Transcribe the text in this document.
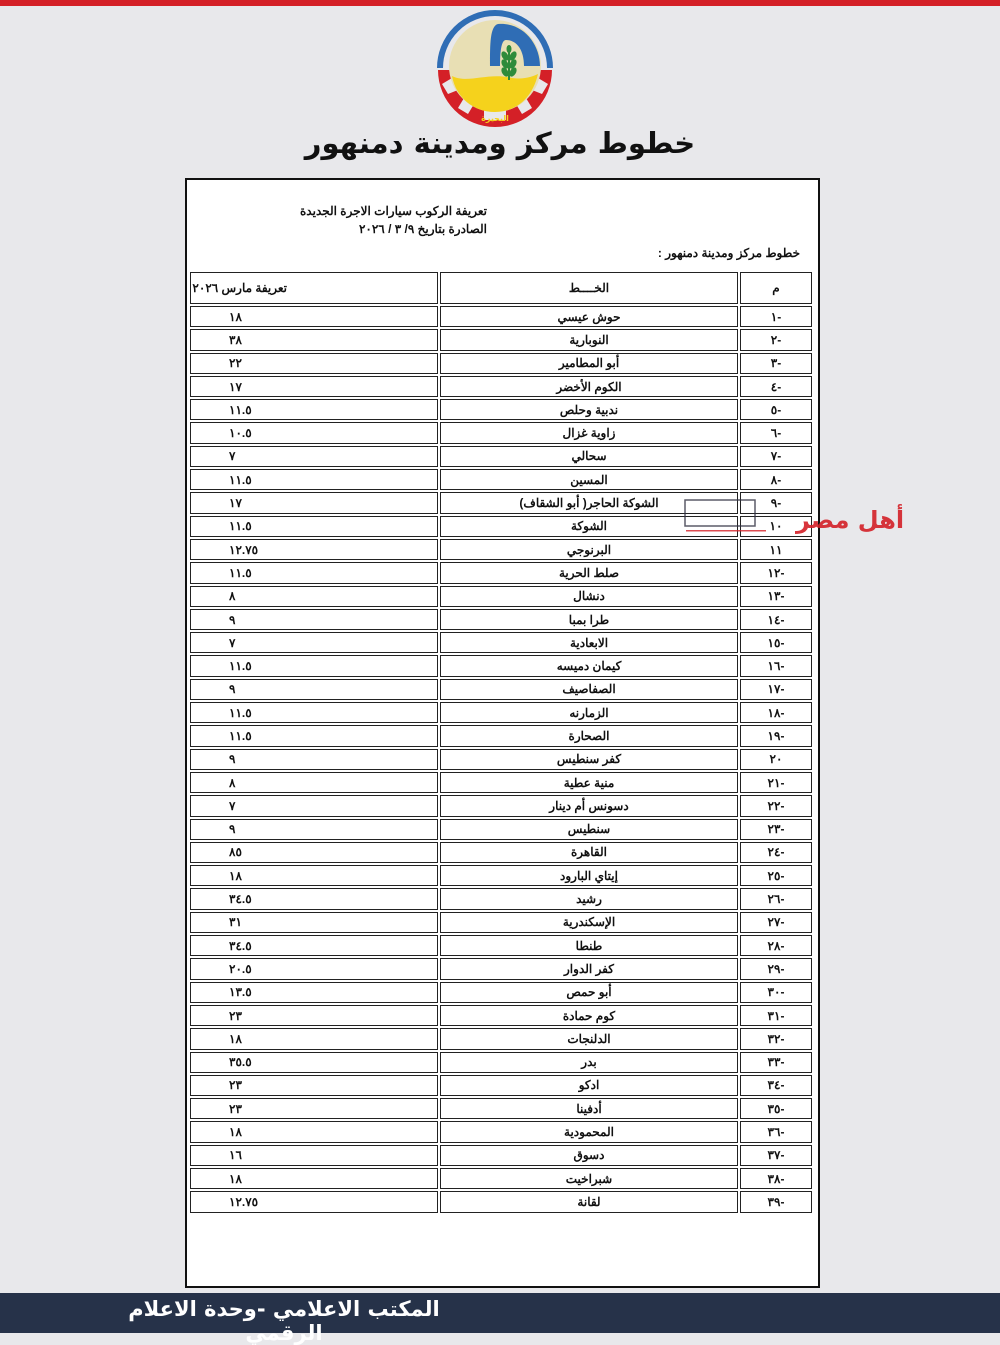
البحيرة
خطوط مركز ومدينة دمنهور
تعريفة الركوب سيارات الاجرة الجديدة
الصادرة بتاريخ ٩/ ٣ / ٢٠٢٦
خطوط مركز ومدينة دمنهور :
م	الخــــط	تعريفة مارس ٢٠٢٦
-١	حوش عيسي	١٨
-٢	النوبارية	٣٨
-٣	أبو المطامير	٢٢
-٤	الكوم الأخضر	١٧
-٥	ندبية وحلص	١١.٥
-٦	زاوية غزال	١٠.٥
-٧	سحالي	٧
-٨	المسين	١١.٥
-٩	الشوكة الحاجر( أبو الشقاف)	١٧
١٠	الشوكة	١١.٥
١١	البرنوجي	١٢.٧٥
-١٢	صلط الحرية	١١.٥
-١٣	دنشال	٨
-١٤	طرا بمبا	٩
-١٥	الابعادية	٧
-١٦	كيمان دميسه	١١.٥
-١٧	الصفاصيف	٩
-١٨	الزمارنه	١١.٥
-١٩	الصحارة	١١.٥
٢٠	كفر سنطيس	٩
-٢١	منية عطية	٨
-٢٢	دسونس أم دينار	٧
-٢٣	سنطيس	٩
-٢٤	القاهرة	٨٥
-٢٥	إيتاي البارود	١٨
-٢٦	رشيد	٣٤.٥
-٢٧	الإسكندرية	٣١
-٢٨	طنطا	٣٤.٥
-٢٩	كفر الدوار	٢٠.٥
-٣٠	أبو حمص	١٣.٥
-٣١	كوم حمادة	٢٣
-٣٢	الدلنجات	١٨
-٣٣	بدر	٣٥.٥
-٣٤	ادكو	٢٣
-٣٥	أدفينا	٢٣
-٣٦	المحمودية	١٨
-٣٧	دسوق	١٦
-٣٨	شبراخيت	١٨
-٣٩	لقانة	١٢.٧٥
أهل مصر
المكتب الاعلامي -وحدة الاعلام الرقمي
